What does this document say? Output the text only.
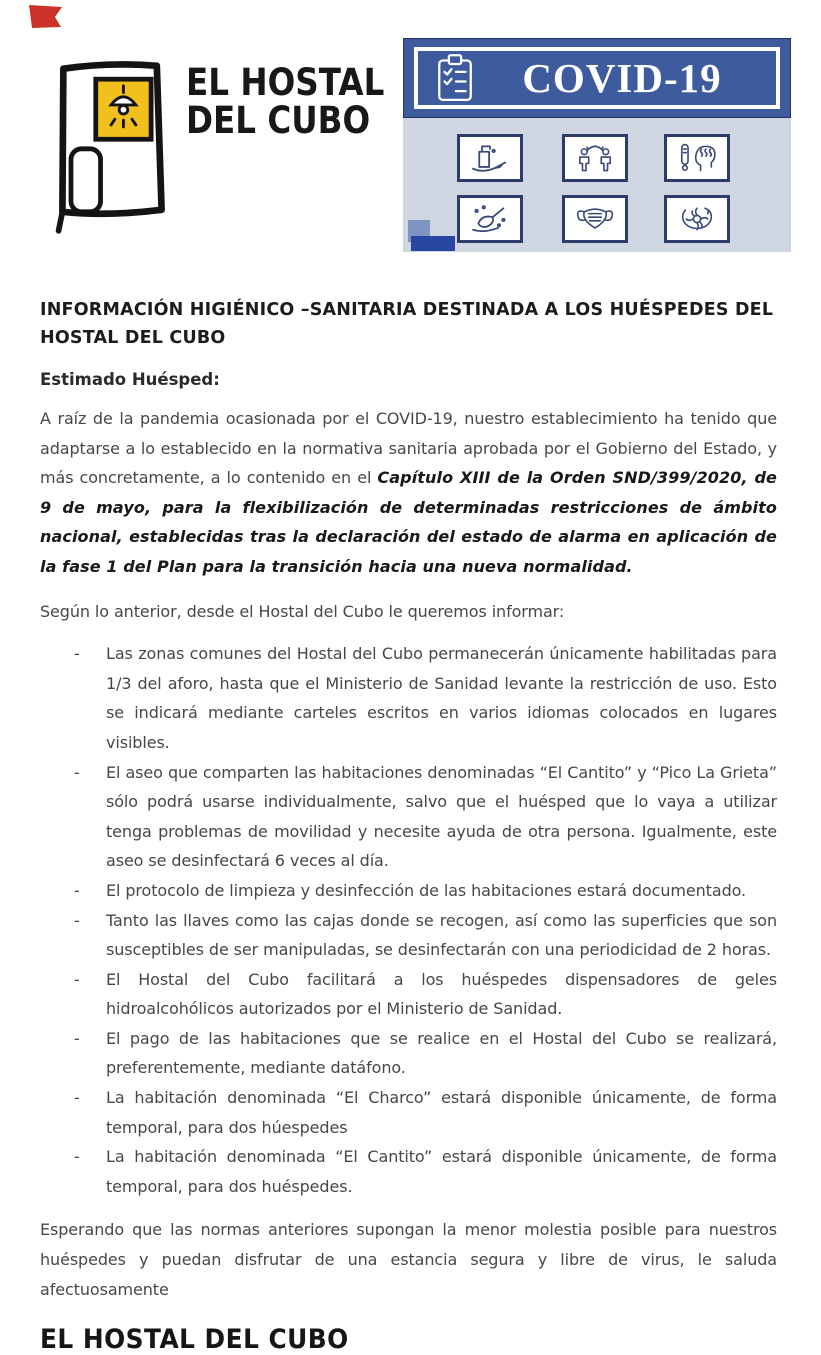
EL HOSTAL
DEL CUBO
COVID-19

INFORMACIÓN HIGIÉNICO –SANITARIA DESTINADA A LOS HUÉSPEDES DEL HOSTAL DEL CUBO

Estimado Huésped:

A raíz de la pandemia ocasionada por el COVID-19, nuestro establecimiento ha tenido que adaptarse a lo establecido en la normativa sanitaria aprobada por el Gobierno del Estado, y más concretamente, a lo contenido en el Capítulo XIII de la Orden SND/399/2020, de 9 de mayo, para la flexibilización de determinadas restricciones de ámbito nacional, establecidas tras la declaración del estado de alarma en aplicación de la fase 1 del Plan para la transición hacia una nueva normalidad.

Según lo anterior, desde el Hostal del Cubo le queremos informar:

-	Las zonas comunes del Hostal del Cubo permanecerán únicamente habilitadas para 1/3 del aforo, hasta que el Ministerio de Sanidad levante la restricción de uso. Esto se indicará mediante carteles escritos en varios idiomas colocados en lugares visibles.
-	El aseo que comparten las habitaciones denominadas “El Cantito” y “Pico La Grieta” sólo podrá usarse individualmente, salvo que el huésped que lo vaya a utilizar tenga problemas de movilidad y necesite ayuda de otra persona. Igualmente, este aseo se desinfectará 6 veces al día.
-	El protocolo de limpieza y desinfección de las habitaciones estará documentado.
-	Tanto las llaves como las cajas donde se recogen, así como las superficies que son susceptibles de ser manipuladas, se desinfectarán con una periodicidad de 2 horas.
-	El Hostal del Cubo facilitará a los huéspedes dispensadores de geles hidroalcohólicos autorizados por el Ministerio de Sanidad.
-	El pago de las habitaciones que se realice en el Hostal del Cubo se realizará, preferentemente, mediante datáfono.
-	La habitación denominada “El Charco” estará disponible únicamente, de forma temporal, para dos húespedes
-	La habitación denominada “El Cantito” estará disponible únicamente, de forma temporal, para dos huéspedes.

Esperando que las normas anteriores supongan la menor molestia posible para nuestros huéspedes y puedan disfrutar de una estancia segura y libre de virus, le saluda afectuosamente

EL HOSTAL DEL CUBO
